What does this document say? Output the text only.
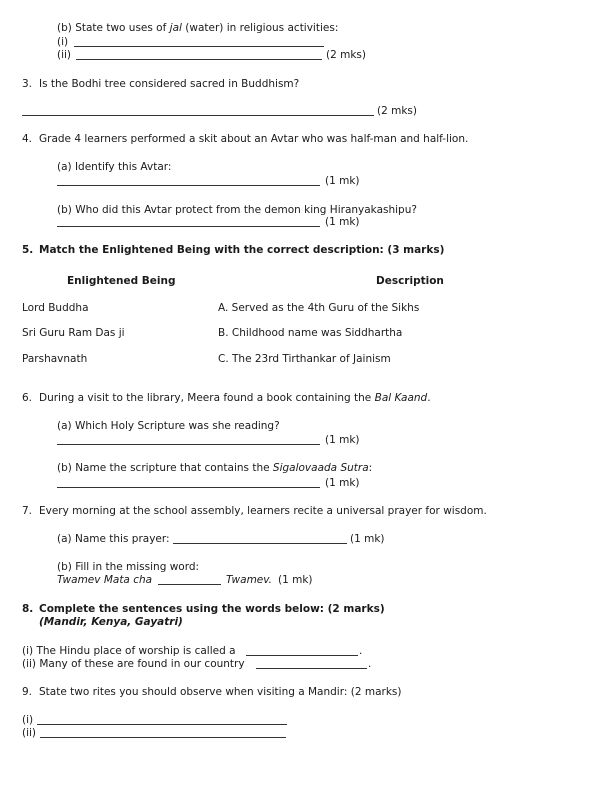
(b) State two uses of jal (water) in religious activities:
(i)
(ii)	(2 mks)
3. Is the Bodhi tree considered sacred in Buddhism?
(2 mks)
4. Grade 4 learners performed a skit about an Avtar who was half-man and half-lion.
(a) Identify this Avtar:
(1 mk)
(b) Who did this Avtar protect from the demon king Hiranyakashipu?
(1 mk)
5. Match the Enlightened Being with the correct description: (3 marks)
Enlightened Being	Description
Lord Buddha	A. Served as the 4th Guru of the Sikhs
Sri Guru Ram Das ji	B. Childhood name was Siddhartha
Parshavnath	C. The 23rd Tirthankar of Jainism
6. During a visit to the library, Meera found a book containing the Bal Kaand.
(a) Which Holy Scripture was she reading?
(1 mk)
(b) Name the scripture that contains the Sigalovaada Sutra:
(1 mk)
7. Every morning at the school assembly, learners recite a universal prayer for wisdom.
(a) Name this prayer:	(1 mk)
(b) Fill in the missing word:
Twamev Mata cha	Twamev. (1 mk)
8. Complete the sentences using the words below: (2 marks)
(Mandir, Kenya, Gayatri)
(i) The Hindu place of worship is called a	.
(ii) Many of these are found in our country	.
9. State two rites you should observe when visiting a Mandir: (2 marks)
(i)
(ii)
